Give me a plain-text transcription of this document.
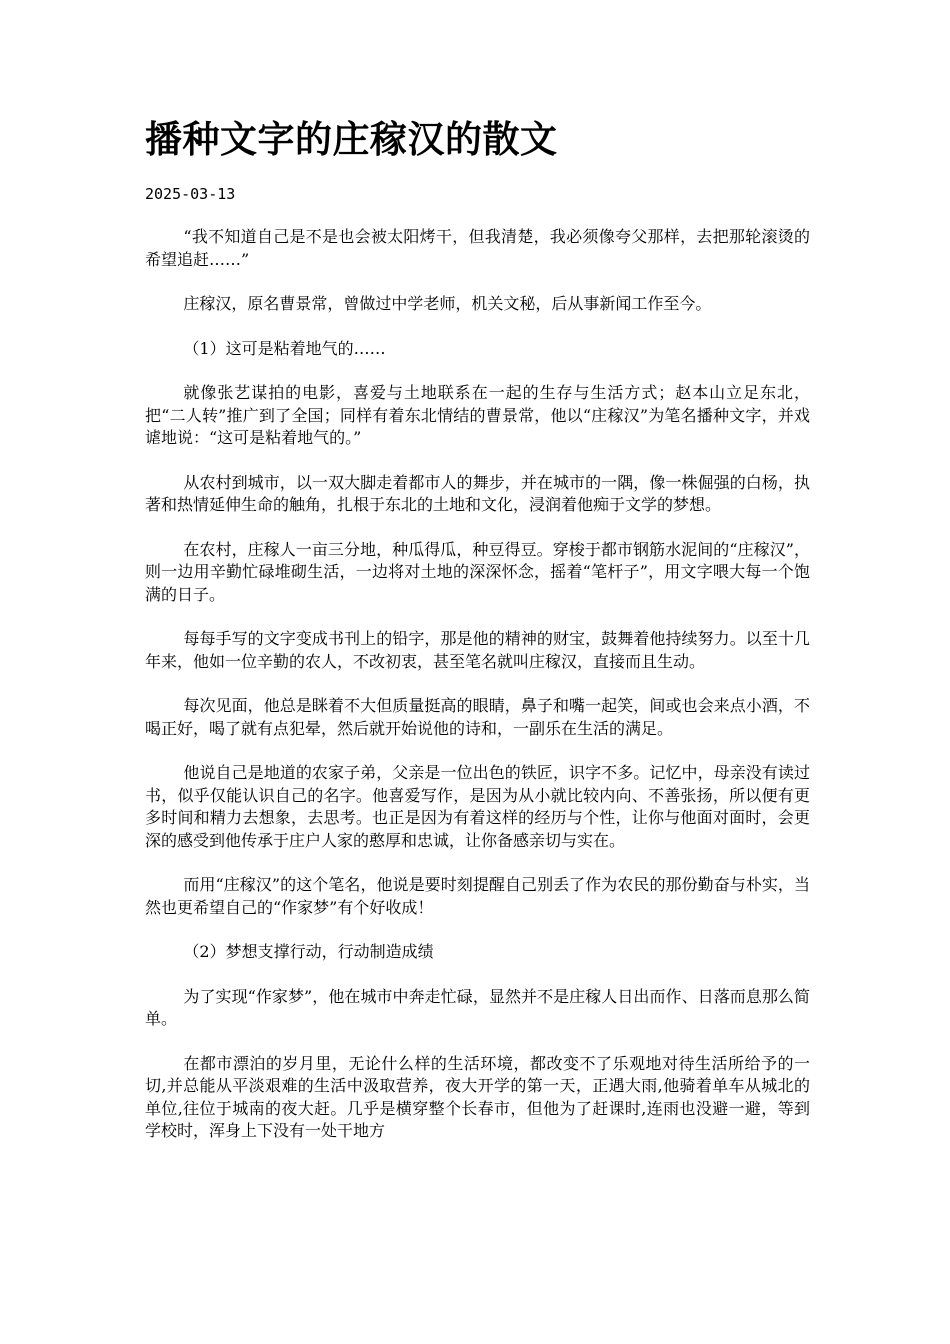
播种文字的庄稼汉的散文
2025-03-13

“我不知道自己是不是也会被太阳烤干，但我清楚，我必须像夸父那样，去把那轮滚烫的希望追赶……”

庄稼汉，原名曹景常，曾做过中学老师，机关文秘，后从事新闻工作至今。

（1）这可是粘着地气的……

就像张艺谋拍的电影，喜爱与土地联系在一起的生存与生活方式；赵本山立足东北，把“二人转”推广到了全国；同样有着东北情结的曹景常，他以“庄稼汉”为笔名播种文字，并戏谑地说：“这可是粘着地气的。”

从农村到城市，以一双大脚走着都市人的舞步，并在城市的一隅，像一株倔强的白杨，执著和热情延伸生命的触角，扎根于东北的土地和文化，浸润着他痴于文学的梦想。

在农村，庄稼人一亩三分地，种瓜得瓜，种豆得豆。穿梭于都市钢筋水泥间的“庄稼汉”，则一边用辛勤忙碌堆砌生活，一边将对土地的深深怀念，摇着“笔杆子”，用文字喂大每一个饱满的日子。

每每手写的文字变成书刊上的铅字，那是他的精神的财宝，鼓舞着他持续努力。以至十几年来，他如一位辛勤的农人，不改初衷，甚至笔名就叫庄稼汉，直接而且生动。

每次见面，他总是眯着不大但质量挺高的眼睛，鼻子和嘴一起笑，间或也会来点小酒，不喝正好，喝了就有点犯晕，然后就开始说他的诗和，一副乐在生活的满足。

他说自己是地道的农家子弟，父亲是一位出色的铁匠，识字不多。记忆中，母亲没有读过书，似乎仅能认识自己的名字。他喜爱写作，是因为从小就比较内向、不善张扬，所以便有更多时间和精力去想象，去思考。也正是因为有着这样的经历与个性，让你与他面对面时，会更深的感受到他传承于庄户人家的憨厚和忠诚，让你备感亲切与实在。

而用“庄稼汉”的这个笔名，他说是要时刻提醒自己别丢了作为农民的那份勤奋与朴实，当然也更希望自己的“作家梦”有个好收成！

（2）梦想支撑行动，行动制造成绩

为了实现“作家梦”，他在城市中奔走忙碌，显然并不是庄稼人日出而作、日落而息那么简单。

在都市漂泊的岁月里，无论什么样的生活环境，都改变不了乐观地对待生活所给予的一切,并总能从平淡艰难的生活中汲取营养，夜大开学的第一天，正遇大雨,他骑着单车从城北的单位,往位于城南的夜大赶。几乎是横穿整个长春市，但他为了赶课时,连雨也没避一避，等到学校时，浑身上下没有一处干地方
